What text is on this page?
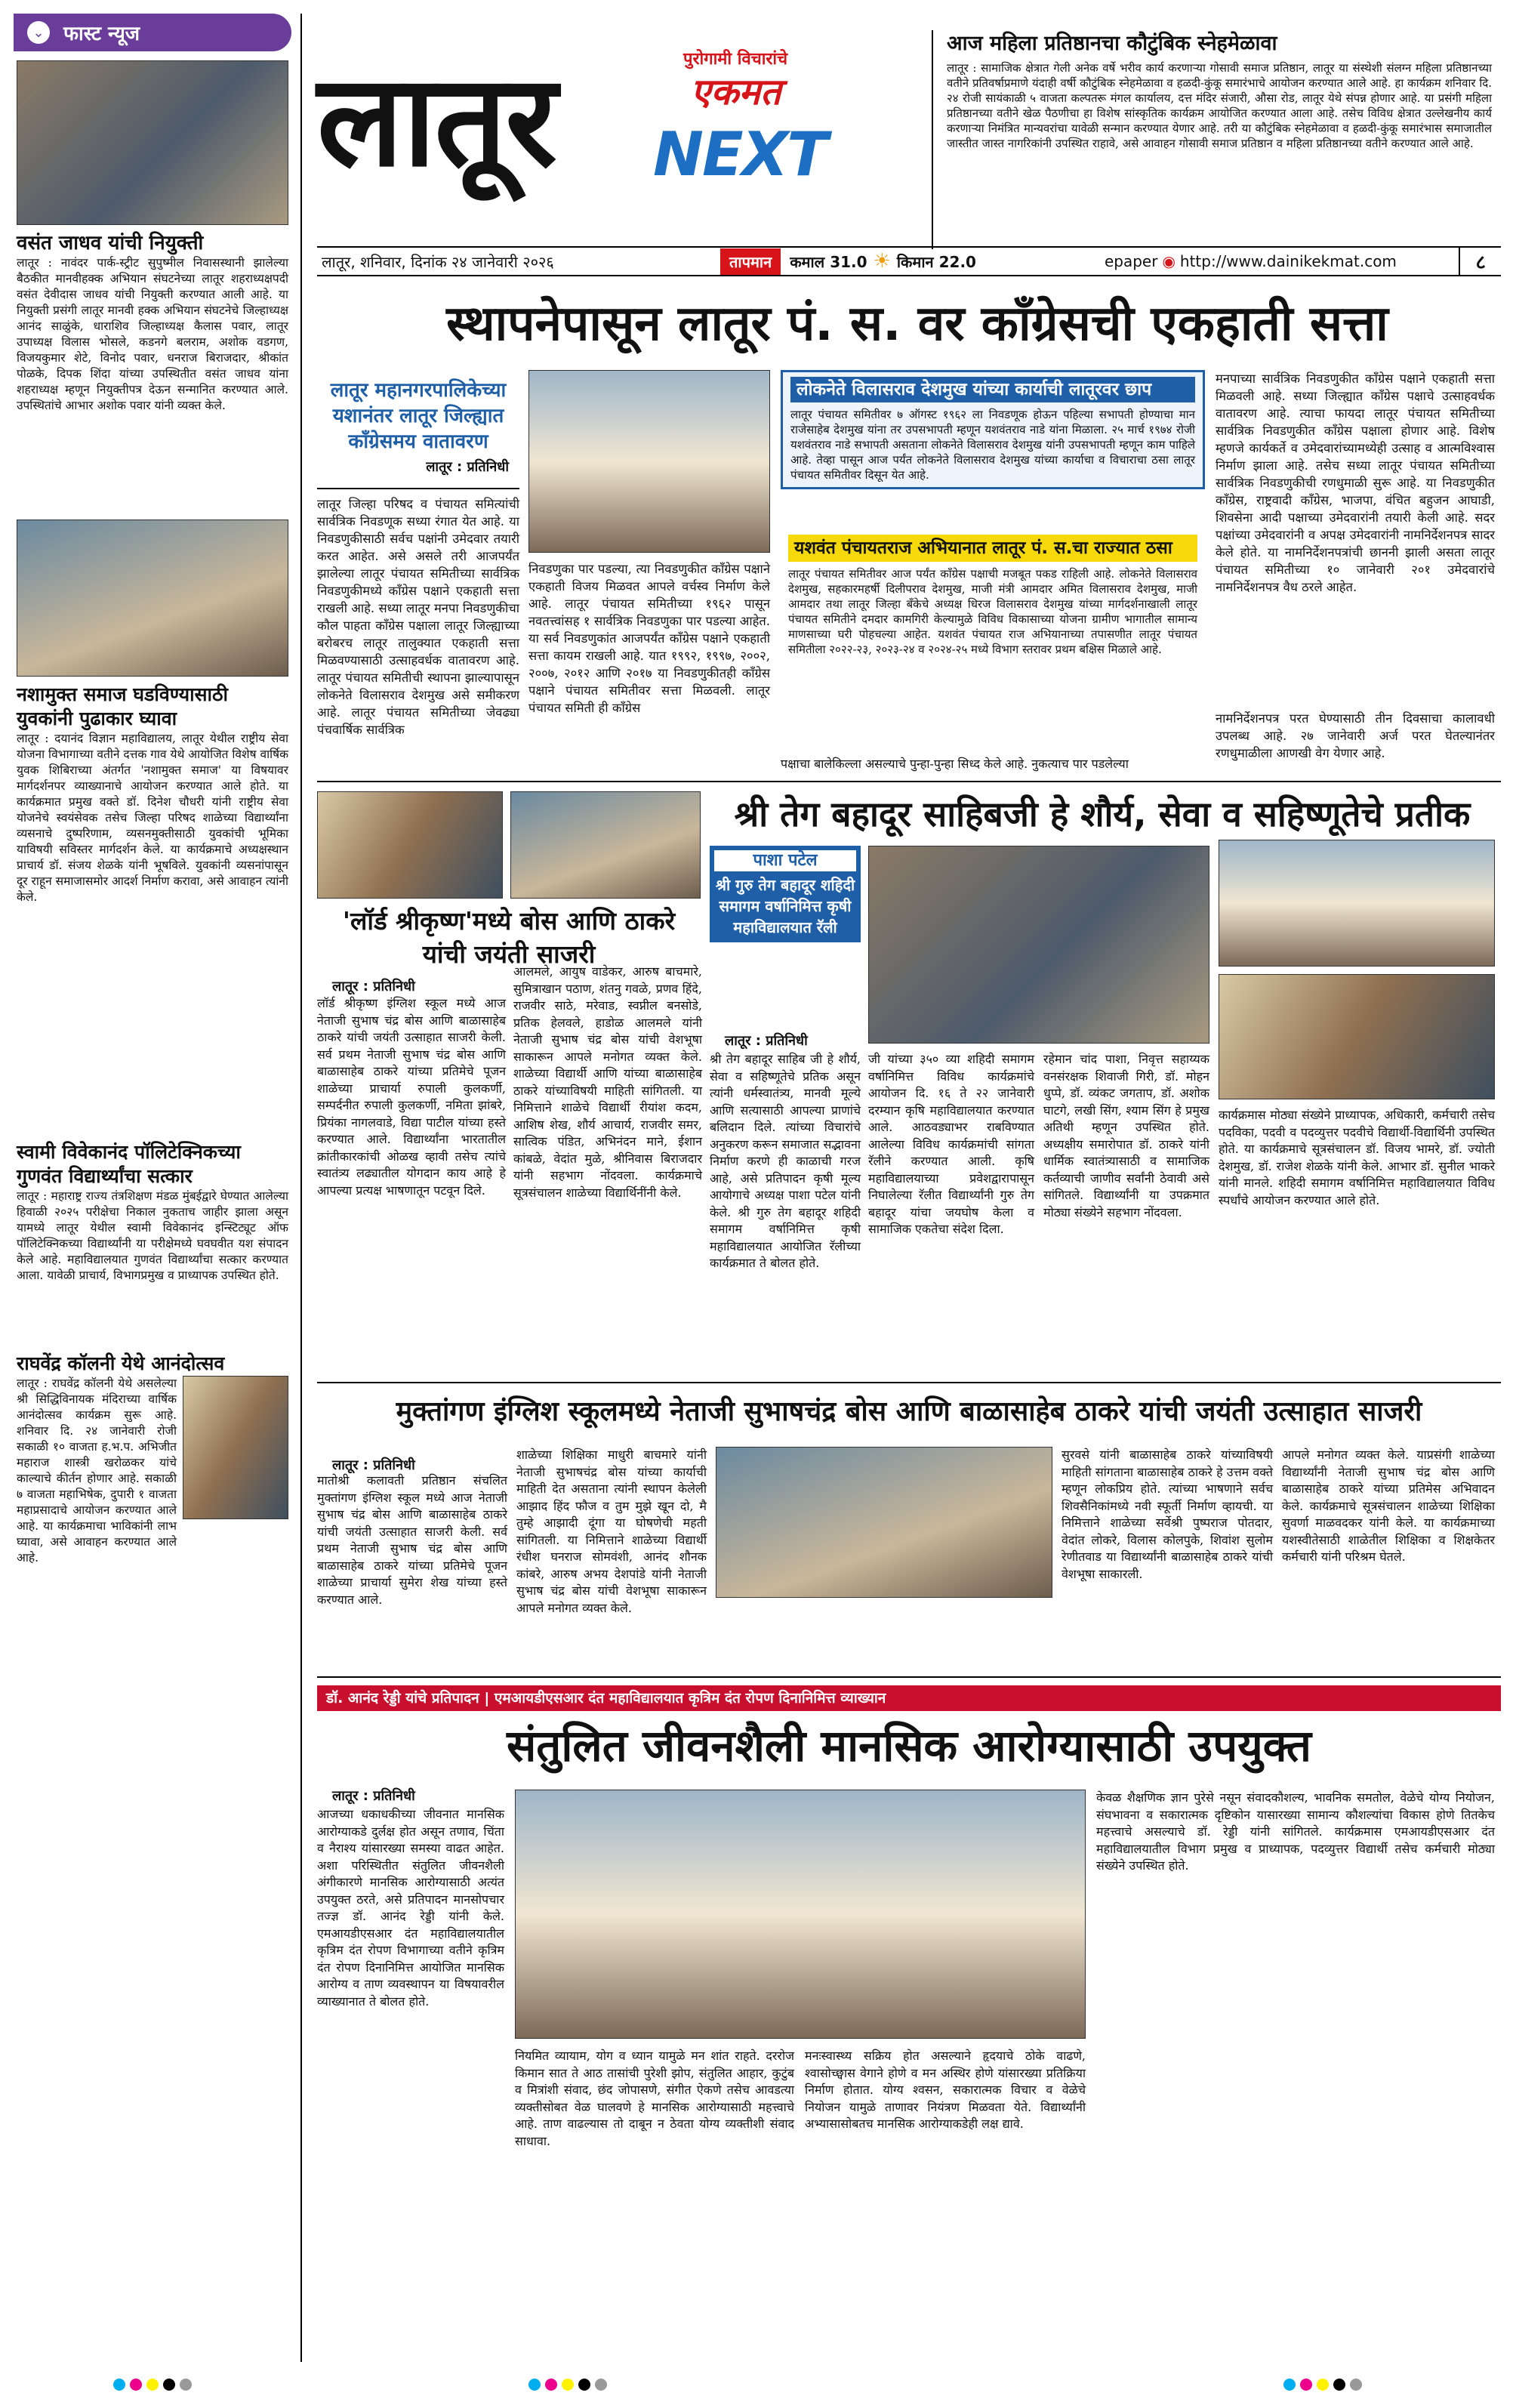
⌄ फास्ट न्यूज
वसंत जाधव यांची नियुक्ती

लातूर : नावंदर पार्क-स्ट्रीट सुपुष्मील निवासस्थानी झालेल्या बैठकीत मानवीहक्क अभियान संघटनेच्या लातूर शहराध्यक्षपदी वसंत देवीदास जाधव यांची नियुक्ती करण्यात आली आहे. या नियुक्ती प्रसंगी लातूर मानवी हक्क अभियान संघटनेचे जिल्हाध्यक्ष आनंद साळुंके, धाराशिव जिल्हाध्यक्ष कैलास पवार, लातूर उपाध्यक्ष विलास भोसले, कडनगे बलराम, अशोक वडगण, विजयकुमार शेटे, विनोद पवार, धनराज बिराजदार, श्रीकांत पोळके, दिपक शिंदा यांच्या उपस्थितीत वसंत जाधव यांना शहराध्यक्ष म्हणून नियुक्तीपत्र देऊन सन्मानित करण्यात आले. उपस्थितांचे आभार अशोक पवार यांनी व्यक्त केले.

नशामुक्त समाज घडविण्यासाठी युवकांनी पुढाकार घ्यावा

लातूर : दयानंद विज्ञान महाविद्यालय, लातूर येथील राष्ट्रीय सेवा योजना विभागाच्या वतीने दत्तक गाव येथे आयोजित विशेष वार्षिक युवक शिबिराच्या अंतर्गत 'नशामुक्त समाज' या विषयावर मार्गदर्शनपर व्याख्यानाचे आयोजन करण्यात आले होते. या कार्यक्रमात प्रमुख वक्ते डॉ. दिनेश चौधरी यांनी राष्ट्रीय सेवा योजनेचे स्वयंसेवक तसेच जिल्हा परिषद शाळेच्या विद्यार्थ्यांना व्यसनाचे दुष्परिणाम, व्यसनमुक्तीसाठी युवकांची भूमिका याविषयी सविस्तर मार्गदर्शन केले. या कार्यक्रमाचे अध्यक्षस्थान प्राचार्य डॉ. संजय शेळके यांनी भूषविले. युवकांनी व्यसनांपासून दूर राहून समाजासमोर आदर्श निर्माण करावा, असे आवाहन त्यांनी केले.

स्वामी विवेकानंद पॉलिटेक्निकच्या गुणवंत विद्यार्थ्यांचा सत्कार

लातूर : महाराष्ट्र राज्य तंत्रशिक्षण मंडळ मुंबईद्वारे घेण्यात आलेल्या हिवाळी २०२५ परीक्षेचा निकाल नुकताच जाहीर झाला असून यामध्ये लातूर येथील स्वामी विवेकानंद इन्स्टिट्यूट ऑफ पॉलिटेक्निकच्या विद्यार्थ्यांनी या परीक्षेमध्ये घवघवीत यश संपादन केले आहे. महाविद्यालयात गुणवंत विद्यार्थ्यांचा सत्कार करण्यात आला. यावेळी प्राचार्य, विभागप्रमुख व प्राध्यापक उपस्थित होते.

राघवेंद्र कॉलनी येथे आनंदोत्सव

लातूर : राघवेंद्र कॉलनी येथे असलेल्या श्री सिद्धिविनायक मंदिराच्या वार्षिक आनंदोत्सव कार्यक्रम सुरू आहे. शनिवार दि. २४ जानेवारी रोजी सकाळी १० वाजता ह.भ.प. अभिजीत महाराज शास्त्री खरोळकर यांचे काल्याचे कीर्तन होणार आहे. सकाळी ७ वाजता महाभिषेक, दुपारी १ वाजता महाप्रसादाचे आयोजन करण्यात आले आहे. या कार्यक्रमाचा भाविकांनी लाभ घ्यावा, असे आवाहन करण्यात आले आहे.

लातूर	पुरोगामी विचारांचे
एकमत
NEXT
लातूर, शनिवार, दिनांक २४ जानेवारी २०२६	तापमान	कमाल 31.0 ☀ किमान 22.0	epaper ◉ http://www.dainikekmat.com	८
आज महिला प्रतिष्ठानचा कौटुंबिक स्नेहमेळावा

लातूर : सामाजिक क्षेत्रात गेली अनेक वर्षे भरीव कार्य करणाऱ्या गोसावी समाज प्रतिष्ठान, लातूर या संस्थेशी संलग्न महिला प्रतिष्ठानच्या वतीने प्रतिवर्षाप्रमाणे यंदाही वर्षी कौटुंबिक स्नेहमेळावा व हळदी-कुंकू समारंभाचे आयोजन करण्यात आले आहे. हा कार्यक्रम शनिवार दि. २४ रोजी सायंकाळी ५ वाजता कल्पतरू मंगल कार्यालय, दत्त मंदिर संजारी, औसा रोड, लातूर येथे संपन्न होणार आहे. या प्रसंगी महिला प्रतिष्ठानच्या वतीने खेळ पैठणीचा हा विशेष सांस्कृतिक कार्यक्रम आयोजित करण्यात आला आहे. तसेच विविध क्षेत्रात उल्लेखनीय कार्य करणाऱ्या निमंत्रित मान्यवरांचा यावेळी सन्मान करण्यात येणार आहे. तरी या कौटुंबिक स्नेहमेळावा व हळदी-कुंकू समारंभास समाजातील जास्तीत जास्त नागरिकांनी उपस्थित राहावे, असे आवाहन गोसावी समाज प्रतिष्ठान व महिला प्रतिष्ठानच्या वतीने करण्यात आले आहे.

स्थापनेपासून लातूर पं. स. वर काँग्रेसची एकहाती सत्ता
लातूर महानगरपालिकेच्या यशानंतर लातूर जिल्ह्यात काँग्रेसमय वातावरण
लातूर : प्रतिनिधी

लातूर जिल्हा परिषद व पंचायत समित्यांची सार्वत्रिक निवडणूक सध्या रंगात येत आहे. या निवडणुकीसाठी सर्वच पक्षांनी उमेदवार तयारी करत आहेत. असे असले तरी आजपर्यंत झालेल्या लातूर पंचायत समितीच्या सार्वत्रिक निवडणुकीमध्ये काँग्रेस पक्षाने एकहाती सत्ता राखली आहे. सध्या लातूर मनपा निवडणुकीचा कौल पाहता काँग्रेस पक्षाला लातूर जिल्ह्याच्या बरोबरच लातूर तालुक्यात एकहाती सत्ता मिळवण्यासाठी उत्साहवर्धक वातावरण आहे. लातूर पंचायत समितीची स्थापना झाल्यापासून लोकनेते विलासराव देशमुख असे समीकरण आहे. लातूर पंचायत समितीच्या जेवढ्या पंचवार्षिक सार्वत्रिक

निवडणुका पार पडल्या, त्या निवडणुकीत काँग्रेस पक्षाने एकहाती विजय मिळवत आपले वर्चस्व निर्माण केले आहे. लातूर पंचायत समितीच्या १९६२ पासून नवतत्त्वांसह १ सार्वत्रिक निवडणुका पार पडल्या आहेत. या सर्व निवडणुकांत आजपर्यंत काँग्रेस पक्षाने एकहाती सत्ता कायम राखली आहे. यात १९९२, १९९७, २००२, २००७, २०१२ आणि २०१७ या निवडणुकीतही काँग्रेस पक्षाने पंचायत समितीवर सत्ता मिळवली. लातूर पंचायत समिती ही काँग्रेस

लोकनेते विलासराव देशमुख यांच्या कार्याची लातूरवर छाप

लातूर पंचायत समितीवर ७ ऑगस्ट १९६२ ला निवडणूक होऊन पहिल्या सभापती होण्याचा मान राजेसाहेब देशमुख यांना तर उपसभापती म्हणून यशवंतराव नाडे यांना मिळाला. २५ मार्च १९७४ रोजी यशवंतराव नाडे सभापती असताना लोकनेते विलासराव देशमुख यांनी उपसभापती म्हणून काम पाहिले आहे. तेव्हा पासून आज पर्यंत लोकनेते विलासराव देशमुख यांच्या कार्याचा व विचाराचा ठसा लातूर पंचायत समितीवर दिसून येत आहे.

यशवंत पंचायतराज अभियानात लातूर पं. स.चा राज्यात ठसा

लातूर पंचायत समितीवर आज पर्यंत काँग्रेस पक्षाची मजबूत पकड राहिली आहे. लोकनेते विलासराव देशमुख, सहकारमहर्षी दिलीपराव देशमुख, माजी मंत्री आमदार अमित विलासराव देशमुख, माजी आमदार तथा लातूर जिल्हा बँकेचे अध्यक्ष धिरज विलासराव देशमुख यांच्या मार्गदर्शनाखाली लातूर पंचायत समितीने दमदार कामगिरी केल्यामुळे विविध विकासाच्या योजना ग्रामीण भागातील सामान्य माणसाच्या घरी पोहचल्या आहेत. यशवंत पंचायत राज अभियानाच्या तपासणीत लातूर पंचायत समितीला २०२२-२३, २०२३-२४ व २०२४-२५ मध्ये विभाग स्तरावर प्रथम बक्षिस मिळाले आहे.

पक्षाचा बालेकिल्ला असल्याचे पुन्हा-पुन्हा सिध्द केले आहे. नुकत्याच पार पडलेल्या

मनपाच्या सार्वत्रिक निवडणुकीत काँग्रेस पक्षाने एकहाती सत्ता मिळवली आहे. सध्या जिल्ह्यात काँग्रेस पक्षाचे उत्साहवर्धक वातावरण आहे. त्याचा फायदा लातूर पंचायत समितीच्या सार्वत्रिक निवडणुकीत काँग्रेस पक्षाला होणार आहे. विशेष म्हणजे कार्यकर्ते व उमेदवारांच्यामध्येही उत्साह व आत्मविश्वास निर्माण झाला आहे. तसेच सध्या लातूर पंचायत समितीच्या सार्वत्रिक निवडणुकीची रणधुमाळी सुरू आहे. या निवडणुकीत काँग्रेस, राष्ट्रवादी काँग्रेस, भाजपा, वंचित बहुजन आघाडी, शिवसेना आदी पक्षाच्या उमेदवारांनी तयारी केली आहे. सदर पक्षांच्या उमेदवारांनी व अपक्ष उमेदवारांनी नामनिर्देशनपत्र सादर केले होते. या नामनिर्देशनपत्रांची छाननी झाली असता लातूर पंचायत समितीच्या १० जानेवारी २०१ उमेदवारांचे नामनिर्देशनपत्र वैध ठरले आहेत.

नामनिर्देशनपत्र परत घेण्यासाठी तीन दिवसाचा कालावधी उपलब्ध आहे. २७ जानेवारी अर्ज परत घेतल्यानंतर रणधुमाळीला आणखी वेग येणार आहे.

'लॉर्ड श्रीकृष्ण'मध्ये बोस आणि ठाकरे यांची जयंती साजरी
लातूर : प्रतिनिधी

लॉर्ड श्रीकृष्ण इंग्लिश स्कूल मध्ये आज नेताजी सुभाष चंद्र बोस आणि बाळासाहेब ठाकरे यांची जयंती उत्साहात साजरी केली. सर्व प्रथम नेताजी सुभाष चंद्र बोस आणि बाळासाहेब ठाकरे यांच्या प्रतिमेचे पूजन शाळेच्या प्राचार्या रुपाली कुलकर्णी, सम्पर्दनीत रुपाली कुलकर्णी, नमिता झांबरे, प्रियंका नागलवाडे, विद्या पाटील यांच्या हस्ते करण्यात आले. विद्यार्थ्यांना भारतातील क्रांतीकारकांची ओळख व्हावी तसेच त्यांचे स्वातंत्र्य लढ्यातील योगदान काय आहे हे आपल्या प्रत्यक्ष भाषणातून पटवून दिले.

आलमले, आयुष वाडेकर, आरुष बाचमारे, सुमित्राखान पठाण, शंतनु गवळे, प्रणव हिंदे, राजवीर साठे, मरेवाड, स्वप्नील बनसोडे, प्रतिक हेलवले, हाडोळ आलमले यांनी नेताजी सुभाष चंद्र बोस यांची वेशभूषा साकारून आपले मनोगत व्यक्त केले. शाळेच्या विद्यार्थी आणि यांच्या बाळासाहेब ठाकरे यांच्याविषयी माहिती सांगितली. या निमित्ताने शाळेचे विद्यार्थी रीयांश कदम, आशिष शेख, शौर्य आचार्य, राजवीर समर, सात्विक पंडित, अभिनंदन माने, ईशान कांबळे, वेदांत मुळे, श्रीनिवास बिराजदार यांनी सहभाग नोंदवला. कार्यक्रमाचे सूत्रसंचालन शाळेच्या विद्यार्थिनींनी केले.

श्री तेग बहादूर साहिबजी हे शौर्य, सेवा व सहिष्णूतेचे प्रतीक
पाशा पटेल
श्री गुरु तेग बहादूर शहिदी समागम वर्षानिमित्त कृषी महाविद्यालयात रॅली
लातूर : प्रतिनिधी

श्री तेग बहादूर साहिब जी हे शौर्य, सेवा व सहिष्णूतेचे प्रतिक असून त्यांनी धर्मस्वातंत्र्य, मानवी मूल्ये आणि सत्यासाठी आपल्या प्राणांचे बलिदान दिले. त्यांच्या विचारांचे अनुकरण करून समाजात सद्भावना निर्माण करणे ही काळाची गरज आहे, असे प्रतिपादन कृषी मूल्य आयोगाचे अध्यक्ष पाशा पटेल यांनी केले. श्री गुरु तेग बहादूर शहिदी समागम वर्षानिमित्त कृषी महाविद्यालयात आयोजित रॅलीच्या कार्यक्रमात ते बोलत होते.

जी यांच्या ३५० व्या शहिदी समागम वर्षानिमित्त विविध कार्यक्रमांचे आयोजन दि. १६ ते २२ जानेवारी दरम्यान कृषि महाविद्यालयात करण्यात आले. आठवड्याभर राबविण्यात आलेल्या विविध कार्यक्रमांची सांगता रॅलीने करण्यात आली. कृषि महाविद्यालयाच्या प्रवेशद्वारापासून निघालेल्या रॅलीत विद्यार्थ्यांनी गुरु तेग बहादूर यांचा जयघोष केला व सामाजिक एकतेचा संदेश दिला.

रहेमान चांद पाशा, निवृत्त सहाय्यक वनसंरक्षक शिवाजी गिरी, डॉ. मोहन धुप्पे, डॉ. व्यंकट जगताप, डॉ. अशोक घाटगे, लखी सिंग, श्याम सिंग हे प्रमुख अतिथी म्हणून उपस्थित होते. अध्यक्षीय समारोपात डॉ. ठाकरे यांनी धार्मिक स्वातंत्र्यासाठी व सामाजिक कर्तव्याची जाणीव सर्वांनी ठेवावी असे सांगितले. विद्यार्थ्यांनी या उपक्रमात मोठ्या संख्येने सहभाग नोंदवला.

कार्यक्रमास मोठ्या संख्येने प्राध्यापक, अधिकारी, कर्मचारी तसेच पदविका, पदवी व पदव्युत्तर पदवीचे विद्यार्थी-विद्यार्थिनी उपस्थित होते. या कार्यक्रमाचे सूत्रसंचालन डॉ. विजय भामरे, डॉ. ज्योती देशमुख, डॉ. राजेश शेळके यांनी केले. आभार डॉ. सुनील भाकरे यांनी मानले. शहिदी समागम वर्षानिमित्त महाविद्यालयात विविध स्पर्धांचे आयोजन करण्यात आले होते.

मुक्तांगण इंग्लिश स्कूलमध्ये नेताजी सुभाषचंद्र बोस आणि बाळासाहेब ठाकरे यांची जयंती उत्साहात साजरी
लातूर : प्रतिनिधी

मातोश्री कलावती प्रतिष्ठान संचलित मुक्तांगण इंग्लिश स्कूल मध्ये आज नेताजी सुभाष चंद्र बोस आणि बाळासाहेब ठाकरे यांची जयंती उत्साहात साजरी केली. सर्व प्रथम नेताजी सुभाष चंद्र बोस आणि बाळासाहेब ठाकरे यांच्या प्रतिमेचे पूजन शाळेच्या प्राचार्या सुमेरा शेख यांच्या हस्ते करण्यात आले.

शाळेच्या शिक्षिका माधुरी बाचमारे यांनी नेताजी सुभाषचंद्र बोस यांच्या कार्याची माहिती देत असताना त्यांनी स्थापन केलेली आझाद हिंद फौज व तुम मुझे खून दो, मै तुम्हे आझादी दूंगा या घोषणेची महती सांगितली. या निमित्ताने शाळेच्या विद्यार्थी रंधीश घनराज सोमवंशी, आनंद शौनक कांबरे, आरुष अभय देशपांडे यांनी नेताजी सुभाष चंद्र बोस यांची वेशभूषा साकारून आपले मनोगत व्यक्त केले.

सुरवसे यांनी बाळासाहेब ठाकरे यांच्याविषयी माहिती सांगताना बाळासाहेब ठाकरे हे उत्तम वक्ते म्हणून लोकप्रिय होते. त्यांच्या भाषणाने सर्वच शिवसैनिकांमध्ये नवी स्फूर्ती निर्माण व्हायची. या निमित्ताने शाळेच्या सर्वेश्री पुष्पराज पोतदार, वेदांत लोकरे, विलास कोलपुके, शिवांश सुलोम रेणीतवाड या विद्यार्थ्यांनी बाळासाहेब ठाकरे यांची वेशभूषा साकारली.

आपले मनोगत व्यक्त केले. याप्रसंगी शाळेच्या विद्यार्थ्यांनी नेताजी सुभाष चंद्र बोस आणि बाळासाहेब ठाकरे यांच्या प्रतिमेस अभिवादन केले. कार्यक्रमाचे सूत्रसंचालन शाळेच्या शिक्षिका सुवर्णा माळवदकर यांनी केले. या कार्यक्रमाच्या यशस्वीतेसाठी शाळेतील शिक्षिका व शिक्षकेतर कर्मचारी यांनी परिश्रम घेतले.

डॉ. आनंद रेड्डी यांचे प्रतिपादन | एमआयडीएसआर दंत महाविद्यालयात कृत्रिम दंत रोपण दिनानिमित्त व्याख्यान
संतुलित जीवनशैली मानसिक आरोग्यासाठी उपयुक्त
लातूर : प्रतिनिधी

आजच्या धकाधकीच्या जीवनात मानसिक आरोग्याकडे दुर्लक्ष होत असून तणाव, चिंता व नैराश्य यांसारख्या समस्या वाढत आहेत. अशा परिस्थितीत संतुलित जीवनशैली अंगीकारणे मानसिक आरोग्यासाठी अत्यंत उपयुक्त ठरते, असे प्रतिपादन मानसोपचार तज्ज्ञ डॉ. आनंद रेड्डी यांनी केले. एमआयडीएसआर दंत महाविद्यालयातील कृत्रिम दंत रोपण विभागाच्या वतीने कृत्रिम दंत रोपण दिनानिमित्त आयोजित मानसिक आरोग्य व ताण व्यवस्थापन या विषयावरील व्याख्यानात ते बोलत होते.

नियमित व्यायाम, योग व ध्यान यामुळे मन शांत राहते. दररोज किमान सात ते आठ तासांची पुरेशी झोप, संतुलित आहार, कुटुंब व मित्रांशी संवाद, छंद जोपासणे, संगीत ऐकणे तसेच आवडत्या व्यक्तीसोबत वेळ घालवणे हे मानसिक आरोग्यासाठी महत्त्वाचे आहे. ताण वाढल्यास तो दाबून न ठेवता योग्य व्यक्तीशी संवाद साधावा.

मनःस्वास्थ्य सक्रिय होत असल्याने हृदयाचे ठोके वाढणे, श्वासोच्छ्वास वेगाने होणे व मन अस्थिर होणे यांसारख्या प्रतिक्रिया निर्माण होतात. योग्य श्वसन, सकारात्मक विचार व वेळेचे नियोजन यामुळे ताणावर नियंत्रण मिळवता येते. विद्यार्थ्यांनी अभ्यासासोबतच मानसिक आरोग्याकडेही लक्ष द्यावे.

केवळ शैक्षणिक ज्ञान पुरेसे नसून संवादकौशल्य, भावनिक समतोल, वेळेचे योग्य नियोजन, संघभावना व सकारात्मक दृष्टिकोन यासारख्या सामान्य कौशल्यांचा विकास होणे तितकेच महत्त्वाचे असल्याचे डॉ. रेड्डी यांनी सांगितले. कार्यक्रमास एमआयडीएसआर दंत महाविद्यालयातील विभाग प्रमुख व प्राध्यापक, पदव्युत्तर विद्यार्थी तसेच कर्मचारी मोठ्या संख्येने उपस्थित होते.
